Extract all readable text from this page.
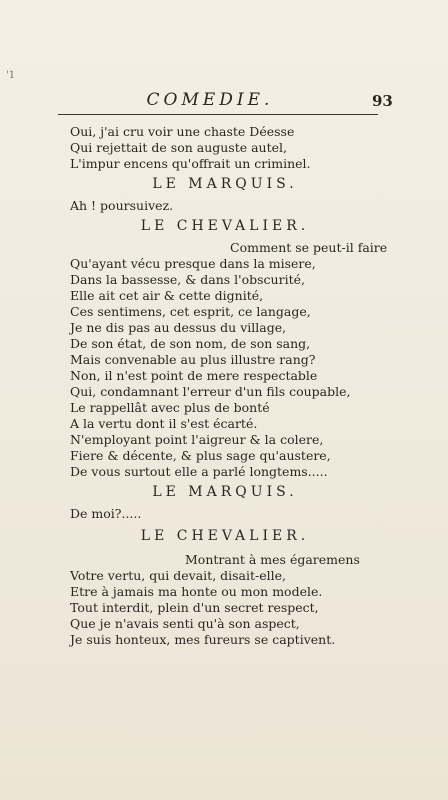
'1
COMEDIE.	93
Oui, j'ai cru voir une chaste Déesse
Qui rejettait de son auguste autel,
L'impur encens qu'offrait un criminel.
LE MARQUIS.
Ah ! poursuivez.
LE CHEVALIER.
Comment se peut-il faire
Qu'ayant vécu presque dans la misere,
Dans la bassesse, & dans l'obscurité,
Elle ait cet air & cette dignité,
Ces sentimens, cet esprit, ce langage,
Je ne dis pas au dessus du village,
De son état, de son nom, de son sang,
Mais convenable au plus illustre rang?
Non, il n'est point de mere respectable
Qui, condamnant l'erreur d'un fils coupable,
Le rappellât avec plus de bonté
A la vertu dont il s'est écarté.
N'employant point l'aigreur & la colere,
Fiere & décente, & plus sage qu'austere,
De vous surtout elle a parlé longtems.....
LE MARQUIS.
De moi?.....
LE CHEVALIER.
Montrant à mes égaremens
Votre vertu, qui devait, disait-elle,
Etre à jamais ma honte ou mon modele.
Tout interdit, plein d'un secret respect,
Que je n'avais senti qu'à son aspect,
Je suis honteux, mes fureurs se captivent.
